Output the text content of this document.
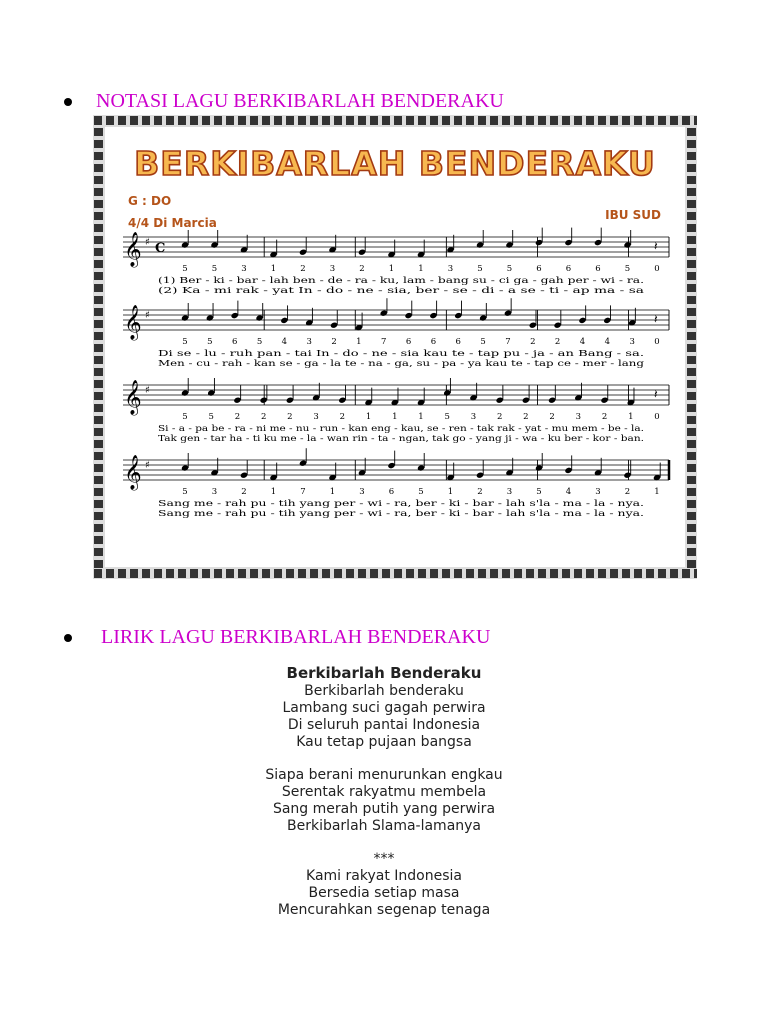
NOTASI LAGU BERKIBARLAH BENDERAKU
BERKIBARLAH BENDERAKU
G : DO
4/4 Di Marcia
IBU SUD
𝄞 ♯ C
5	5	3	1	2	3	2	1	1	3	5	5	6	6	6	5
𝄽
0
(1) Ber - ki - bar - lah ben - de - ra - ku, lam - bang su - ci ga - gah per - wi - ra.
(2) Ka - mi rak - yat In - do - ne - sia, ber - se - di - a se - ti - ap ma - sa
𝄞 ♯
5 5 6 5 4 3 2 1 7 6 6 6 5 7 2 2 4 4 3
𝄽
0
Di se - lu - ruh pan - tai In - do - ne - sia kau te - tap pu - ja - an Bang - sa.
Men - cu - rah - kan se - ga - la te - na - ga, su - pa - ya kau te - tap ce - mer - lang
𝄞 ♯
5 5 2 2 2 3 2 1 1 1 5 3 2 2 2 3 2 1
𝄽
0
Si - a - pa be - ra - ni me - nu - run - kan eng - kau, se - ren - tak rak - yat - mu mem - be - la.
Tak gen - tar ha - ti ku me - la - wan rin - ta - ngan, tak go - yang ji - wa - ku ber - kor - ban.
𝄞 ♯
5	3	2	1	7	1	3	6	5	1	2	3	5	4	3	2	1
Sang me - rah pu - tih yang per - wi - ra, ber - ki - bar - lah s'la - ma - la - nya.
Sang me - rah pu - tih yang per - wi - ra, ber - ki - bar - lah s'la - ma - la - nya.
LIRIK LAGU BERKIBARLAH BENDERAKU
Berkibarlah Benderaku
Berkibarlah benderaku
Lambang suci gagah perwira
Di seluruh pantai Indonesia
Kau tetap pujaan bangsa
Siapa berani menurunkan engkau
Serentak rakyatmu membela
Sang merah putih yang perwira
Berkibarlah Slama-lamanya
***
Kami rakyat Indonesia
Bersedia setiap masa
Mencurahkan segenap tenaga
